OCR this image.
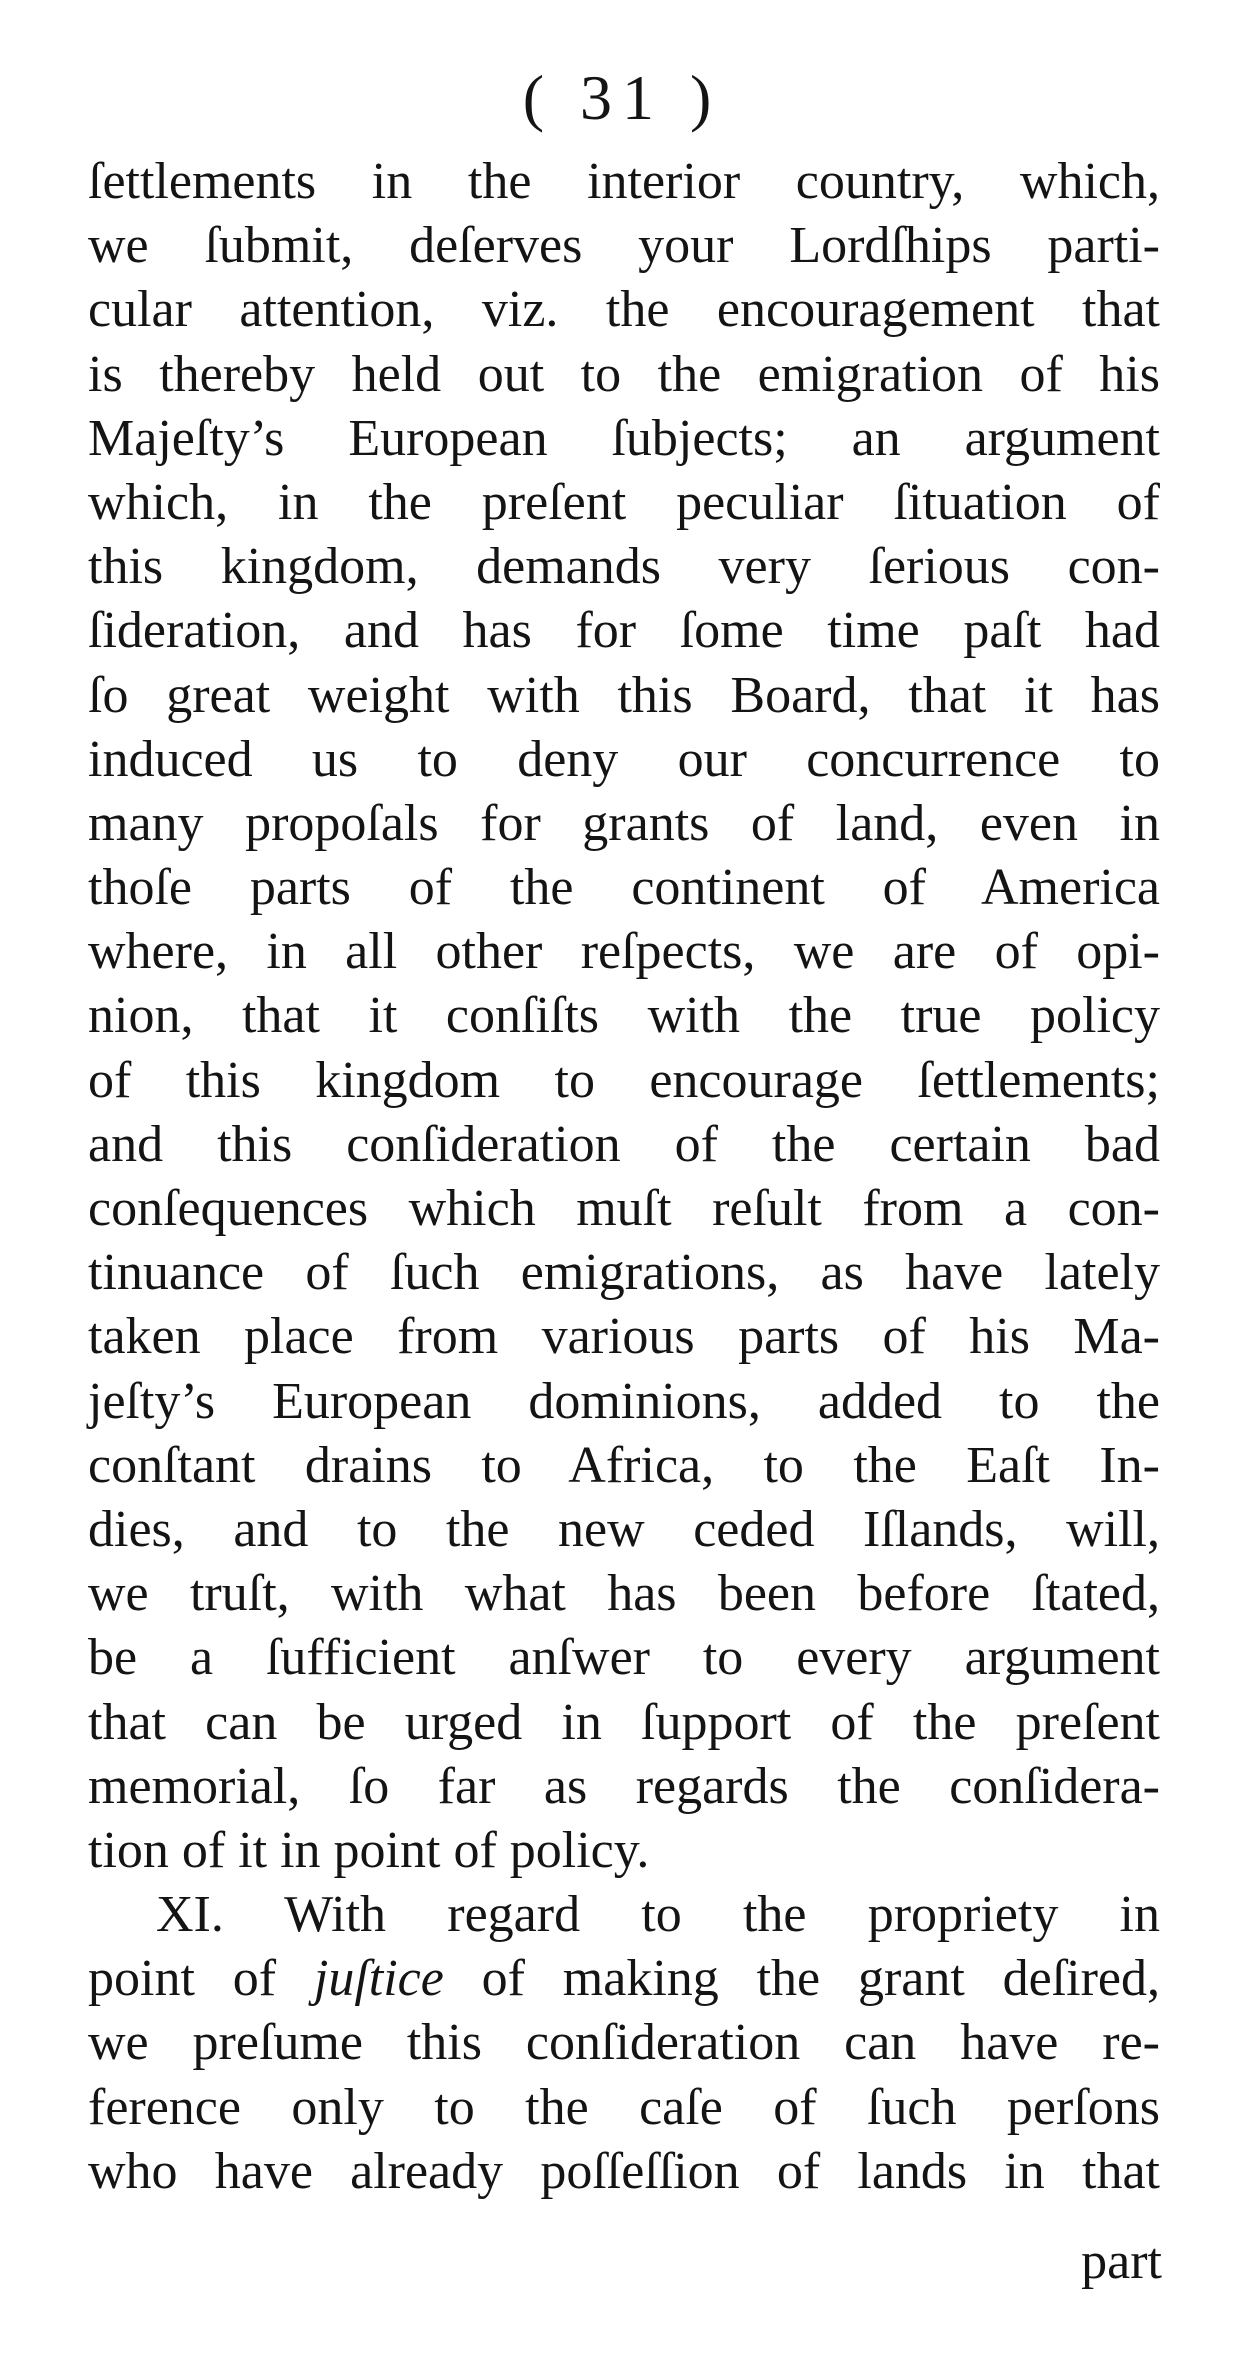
( 31 )
ſettlements in the interior country, which,
we ſubmit, deſerves your Lordſhips parti-
cular attention, viz. the encouragement that
is thereby held out to the emigration of his
Majeſty’s European ſubjects; an argument
which, in the preſent peculiar ſituation of
this kingdom, demands very ſerious con-
ſideration, and has for ſome time paſt had
ſo great weight with this Board, that it has
induced us to deny our concurrence to
many propoſals for grants of land, even in
thoſe parts of the continent of America
where, in all other reſpects, we are of opi-
nion, that it conſiſts with the true policy
of this kingdom to encourage ſettlements;
and this conſideration of the certain bad
conſequences which muſt reſult from a con-
tinuance of ſuch emigrations, as have lately
taken place from various parts of his Ma-
jeſty’s European dominions, added to the
conſtant drains to Africa, to the Eaſt In-
dies, and to the new ceded Iſlands, will,
we truſt, with what has been before ſtated,
be a ſufficient anſwer to every argument
that can be urged in ſupport of the preſent
memorial, ſo far as regards the conſidera-
tion of it in point of policy.
XI. With regard to the propriety in
point of juſtice of making the grant deſired,
we preſume this conſideration can have re-
ference only to the caſe of ſuch perſons
who have already poſſeſſion of lands in that
part
